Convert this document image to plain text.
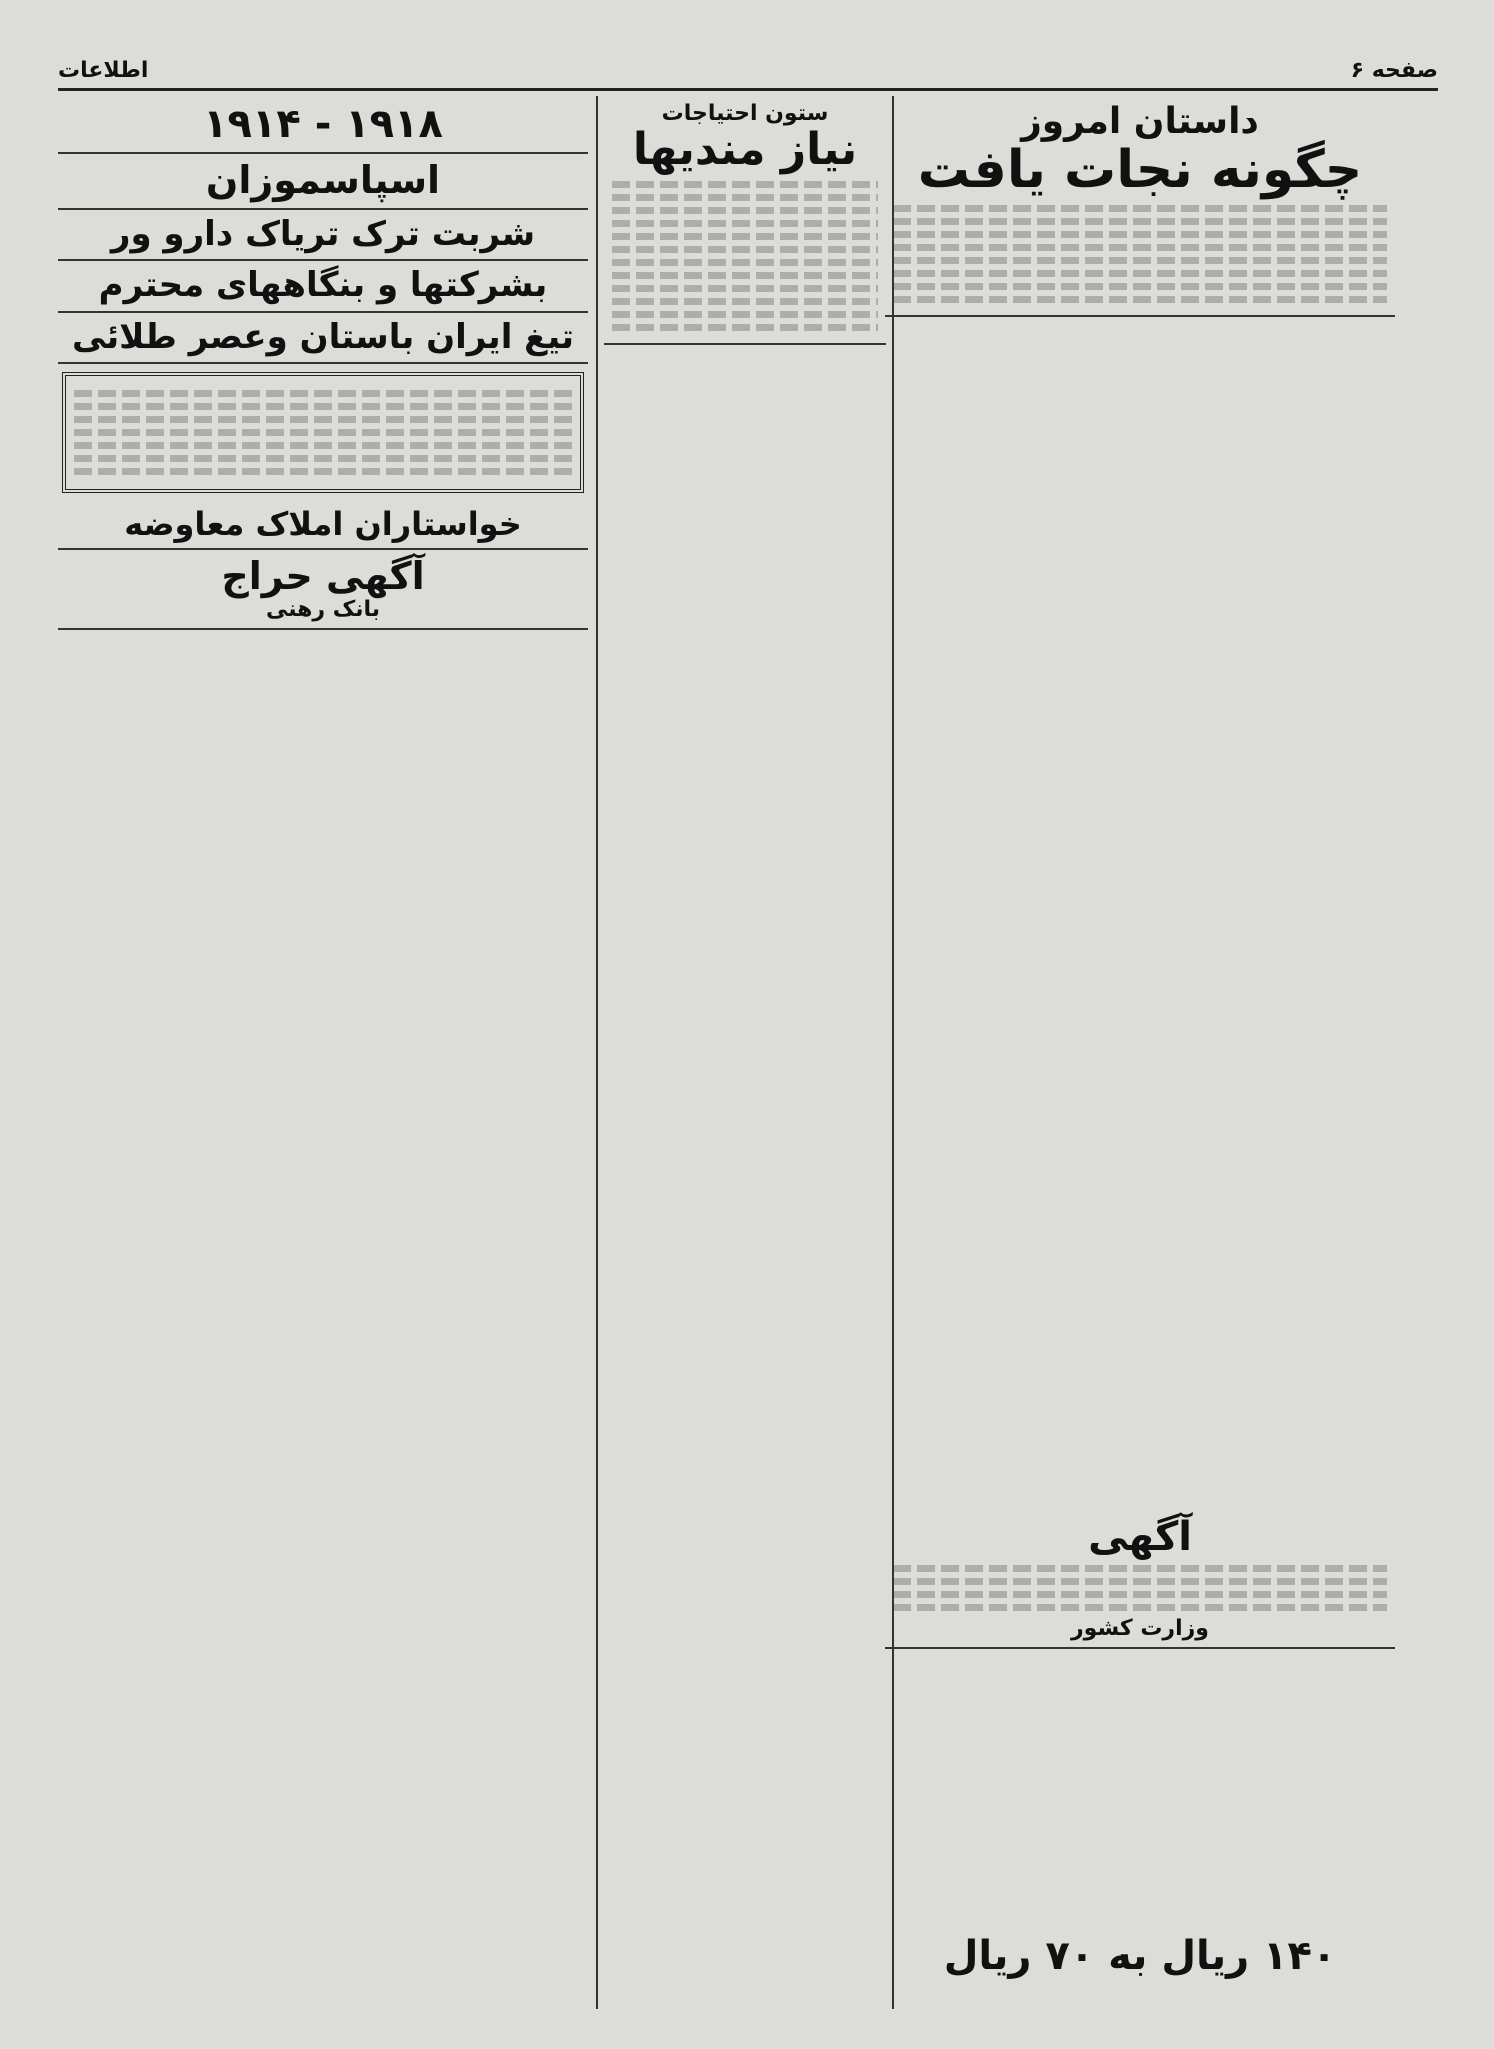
اطلاعات	صفحه ۶
داستان امروز
چگونه نجات یافت
آگهی
وزارت کشور
ستون احتیاجات
نیاز مندیها
۱۹۱۸ - ۱۹۱۴
اسپاسموزان
شربت ترک تریاک دارو ور
بشرکتها و بنگاههای محترم
تیغ ایران باستان وعصر طلائی
خواستاران املاک معاوضه
آگهی حراج
بانک رهنی
۱۴۰ ریال به ۷۰ ریال
